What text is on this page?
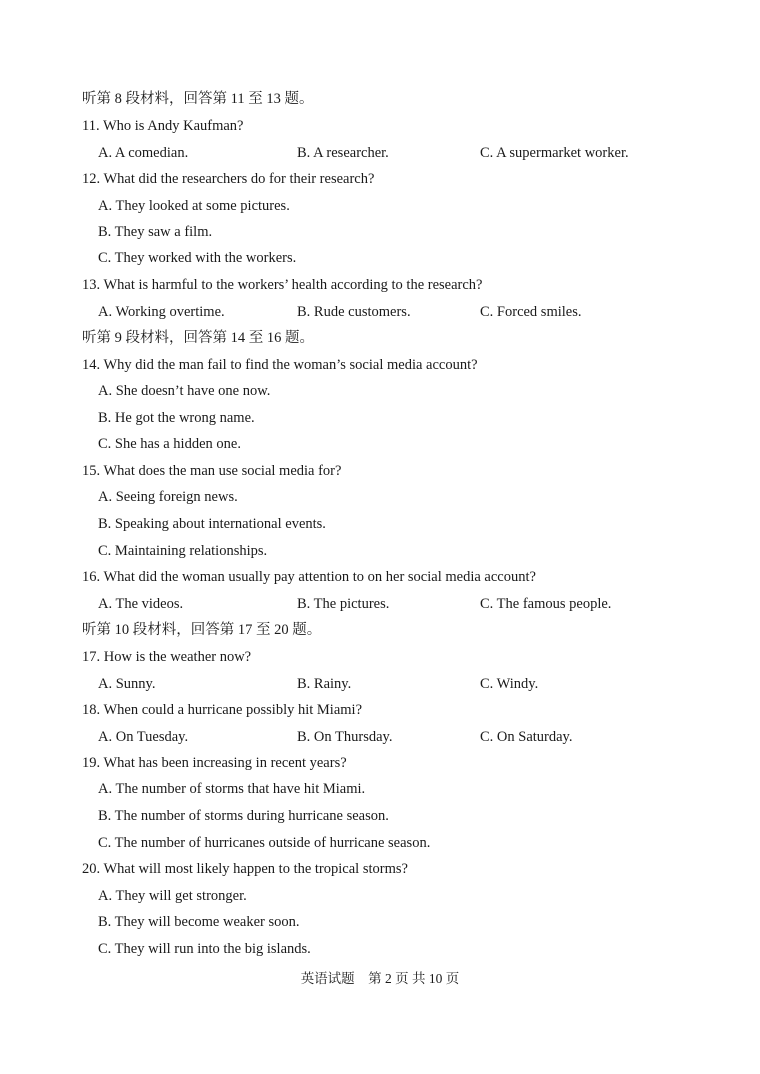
听第 8 段材料，回答第 11 至 13 题。
11. Who is Andy Kaufman?
A. A comedian.	B. A researcher.	C. A supermarket worker.
12. What did the researchers do for their research?
A. They looked at some pictures.
B. They saw a film.
C. They worked with the workers.
13. What is harmful to the workers’ health according to the research?
A. Working overtime.	B. Rude customers.	C. Forced smiles.
听第 9 段材料，回答第 14 至 16 题。
14. Why did the man fail to find the woman’s social media account?
A. She doesn’t have one now.
B. He got the wrong name.
C. She has a hidden one.
15. What does the man use social media for?
A. Seeing foreign news.
B. Speaking about international events.
C. Maintaining relationships.
16. What did the woman usually pay attention to on her social media account?
A. The videos.	B. The pictures.	C. The famous people.
听第 10 段材料，回答第 17 至 20 题。
17. How is the weather now?
A. Sunny.	B. Rainy.	C. Windy.
18. When could a hurricane possibly hit Miami?
A. On Tuesday.	B. On Thursday.	C. On Saturday.
19. What has been increasing in recent years?
A. The number of storms that have hit Miami.
B. The number of storms during hurricane season.
C. The number of hurricanes outside of hurricane season.
20. What will most likely happen to the tropical storms?
A. They will get stronger.
B. They will become weaker soon.
C. They will run into the big islands.
英语试题　第 2 页 共 10 页
